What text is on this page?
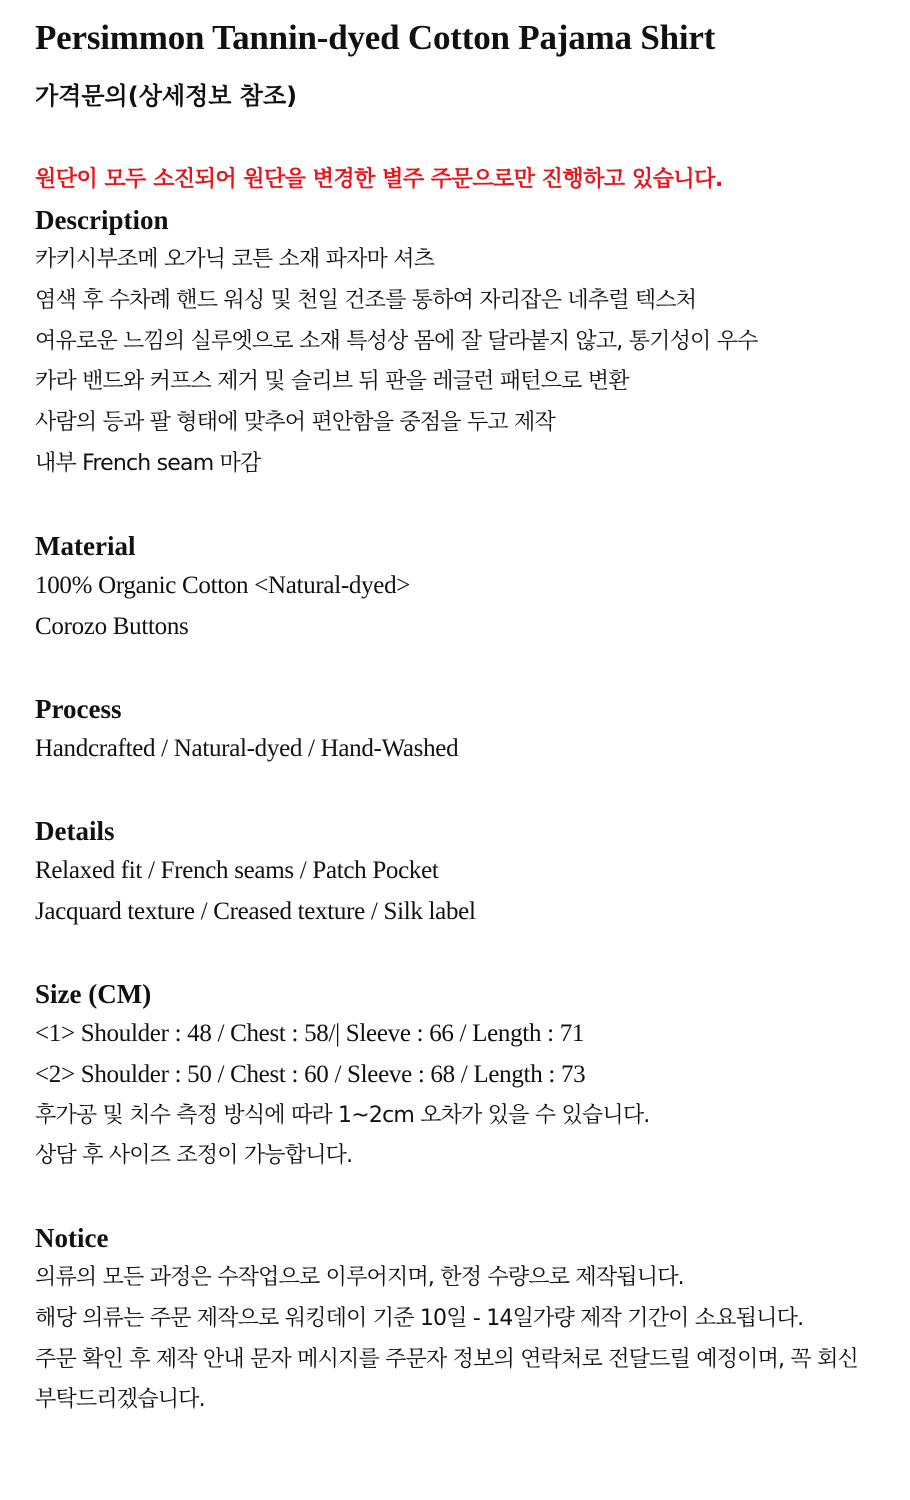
Persimmon Tannin-dyed Cotton Pajama Shirt

가격문의(상세정보 참조)

원단이 모두 소진되어 원단을 변경한 별주 주문으로만 진행하고 있습니다.

Description

카키시부조메 오가닉 코튼 소재 파자마 셔츠

염색 후 수차례 핸드 워싱 및 천일 건조를 통하여 자리잡은 네추럴 텍스처

여유로운 느낌의 실루엣으로 소재 특성상 몸에 잘 달라붙지 않고, 통기성이 우수

카라 밴드와 커프스 제거 및 슬리브 뒤 판을 레글런 패턴으로 변환

사람의 등과 팔 형태에 맞추어 편안함을 중점을 두고 제작

내부 French seam 마감

Material

100% Organic Cotton <Natural-dyed>

Corozo Buttons

Process

Handcrafted / Natural-dyed / Hand-Washed

Details

Relaxed fit / French seams / Patch Pocket

Jacquard texture / Creased texture / Silk label

Size (CM)

<1> Shoulder : 48 / Chest : 58/| Sleeve : 66 / Length : 71

<2> Shoulder : 50 / Chest : 60 / Sleeve : 68 / Length : 73

후가공 및 치수 측정 방식에 따라 1~2cm 오차가 있을 수 있습니다.

상담 후 사이즈 조정이 가능합니다.

Notice

의류의 모든 과정은 수작업으로 이루어지며, 한정 수량으로 제작됩니다.

해당 의류는 주문 제작으로 워킹데이 기준 10일 - 14일가량 제작 기간이 소요됩니다.

주문 확인 후 제작 안내 문자 메시지를 주문자 정보의 연락처로 전달드릴 예정이며, 꼭 회신 부탁드리겠습니다.
